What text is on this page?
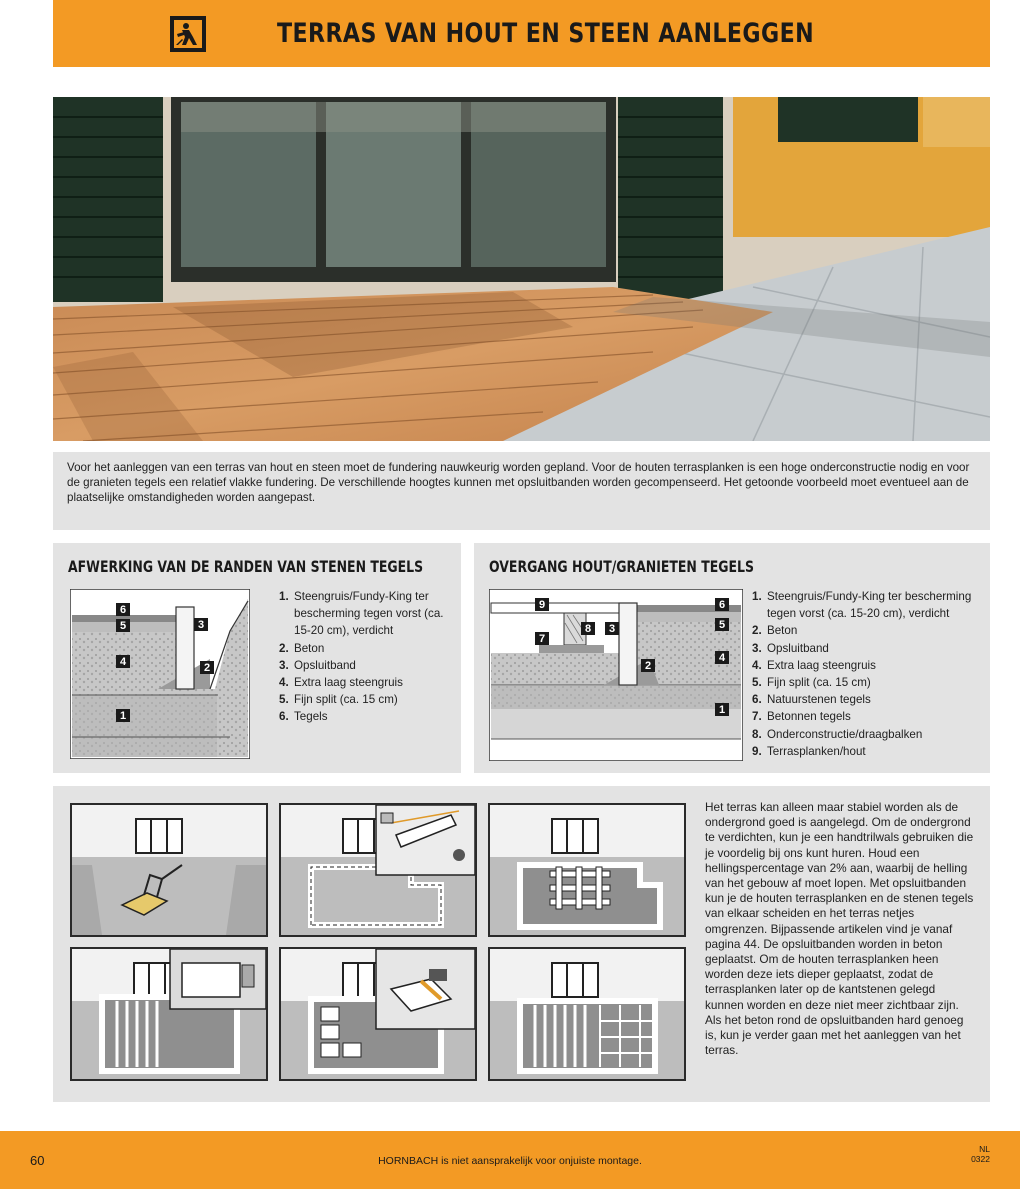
TERRAS VAN HOUT EN STEEN AANLEGGEN
Voor het aanleggen van een terras van hout en steen moet de fundering nauwkeurig worden gepland. Voor de houten terrasplanken is een hoge onderconstructie nodig en voor de granieten tegels een relatief vlakke fundering. De verschillende hoogtes kunnen met opsluitbanden worden gecompenseerd. Het getoonde voorbeeld moet eventueel aan de plaatselijke omstandigheden worden aangepast.
AFWERKING VAN DE RANDEN VAN STENEN TEGELS
6
5	3
4	2
1
1. Steengruis/Fundy-King ter bescherming tegen vorst (ca. 15-20 cm), verdicht
2. Beton
3. Opsluitband
4. Extra laag steengruis
5. Fijn split (ca. 15 cm)
6. Tegels
OVERGANG HOUT/GRANIETEN TEGELS
9	6
5
8 3
7
4
2
1
1. Steengruis/Fundy-King ter bescherming tegen vorst (ca. 15-20 cm), verdicht
2. Beton
3. Opsluitband
4. Extra laag steengruis
5. Fijn split (ca. 15 cm)
6. Natuurstenen tegels
7. Betonnen tegels
8. Onderconstructie/draagbalken
9. Terrasplanken/hout
Het terras kan alleen maar stabiel worden als de ondergrond goed is aangelegd. Om de ondergrond te verdichten, kun je een handtrilwals gebruiken die je voordelig bij ons kunt huren. Houd een hellingspercentage van 2% aan, waarbij de helling van het gebouw af moet lopen. Met opsluitbanden kun je de houten terrasplanken en de stenen tegels van elkaar scheiden en het terras netjes omgrenzen. Bijpassende artikelen vind je vanaf pagina 44. De opsluitbanden worden in beton geplaatst. Om de houten terrasplanken heen worden deze iets dieper geplaatst, zodat de terrasplanken later op de kantstenen gelegd kunnen worden en deze niet meer zichtbaar zijn. Als het beton rond de opsluitbanden hard genoeg is, kun je verder gaan met het aanleggen van het terras.
60	HORNBACH is niet aansprakelijk voor onjuiste montage.
NL
0322
